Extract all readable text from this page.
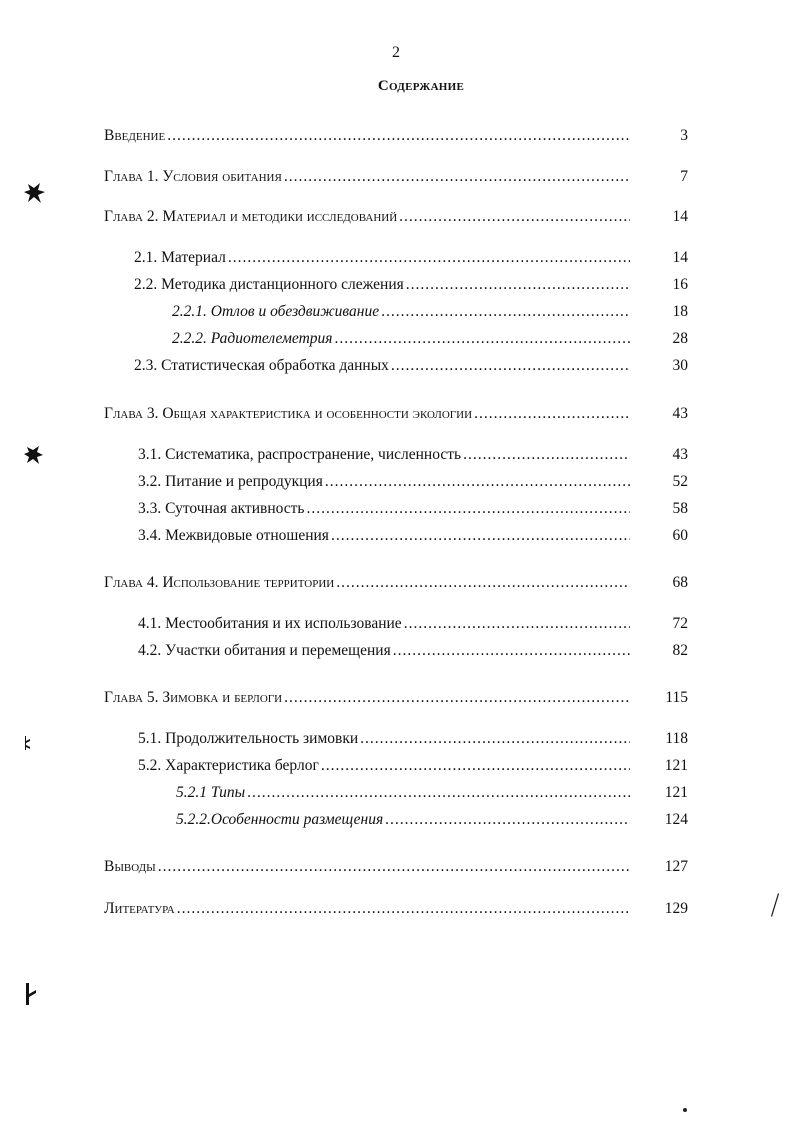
2
Содержание
Введение .....	3
Глава 1. Условия обитания .....	7
Глава 2. Материал и методики исследований .....	14
2.1. Материал .....	14
2.2. Методика дистанционного слежения .....	16
2.2.1. Отлов и обездвиживание .....	18
2.2.2. Радиотелеметрия .....	28
2.3. Статистическая обработка данных .....	30
Глава 3. Общая характеристика и особенности экологии .....	43
3.1. Систематика, распространение, численность .....	43
3.2. Питание и репродукция .....	52
3.3. Суточная активность .....	58
3.4. Межвидовые отношения .....	60
Глава 4. Использование территории .....	68
4.1. Местообитания и их использование .....	72
4.2. Участки обитания и перемещения .....	82
Глава 5. Зимовка и берлоги .....	115
5.1. Продолжительность зимовки .....	118
5.2. Характеристика берлог .....	121
5.2.1 Типы .....	121
5.2.2.Особенности размещения .....	124
Выводы .....	127
Литература .....	129
